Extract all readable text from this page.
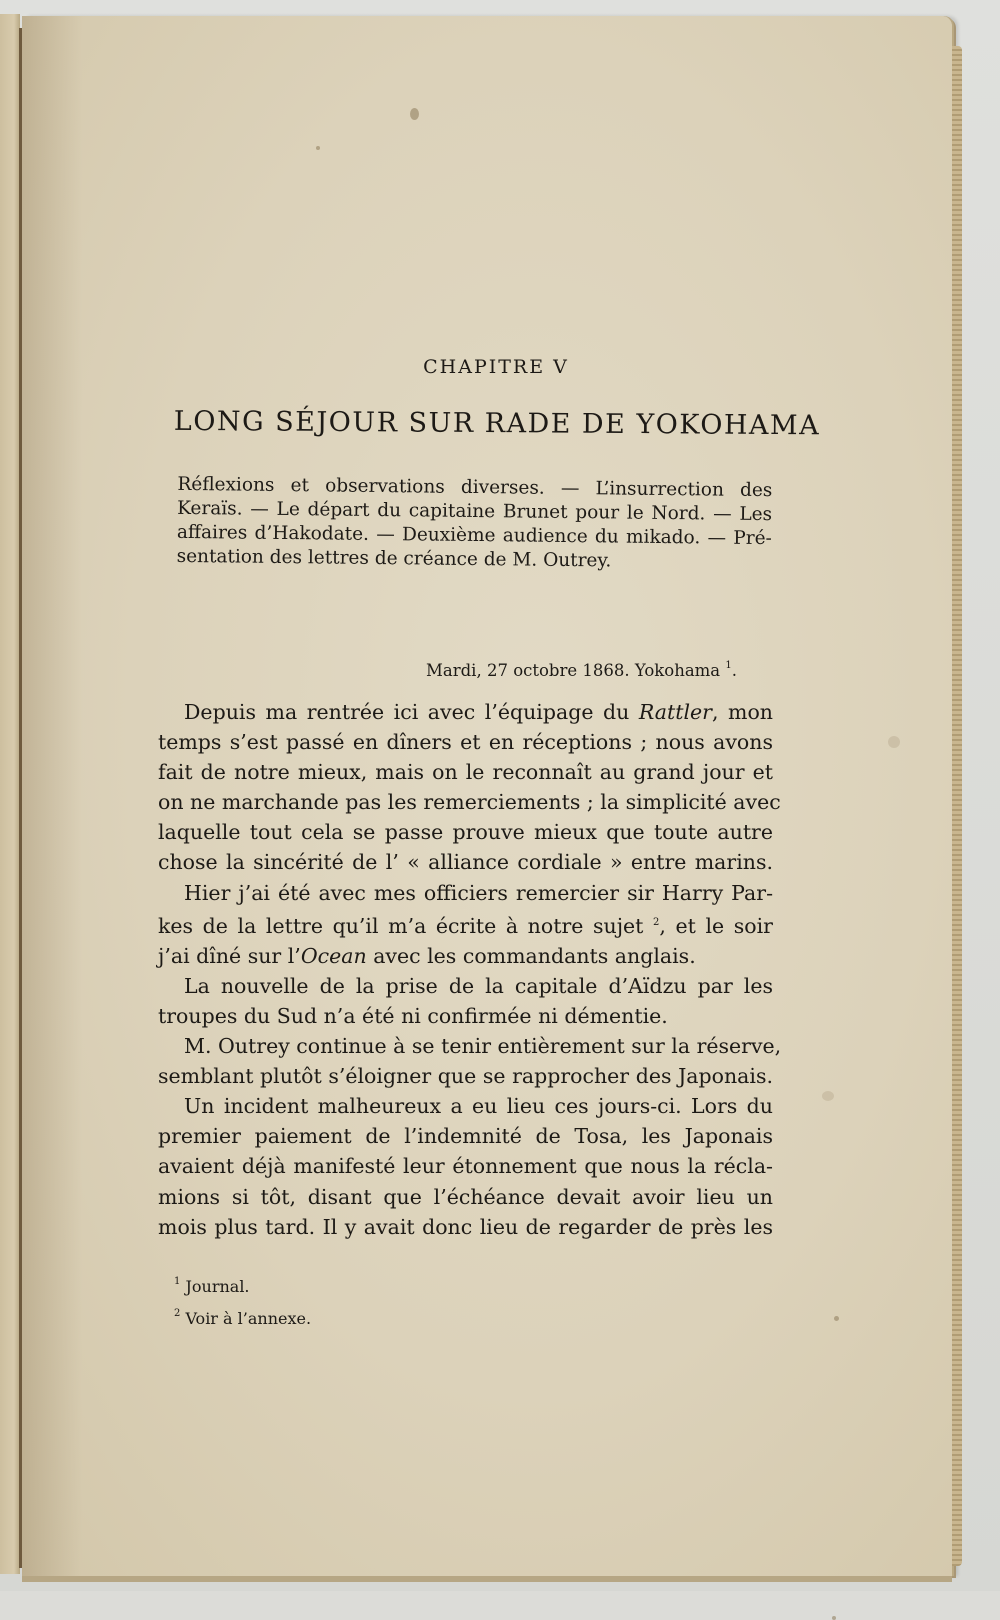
CHAPITRE V
LONG SÉJOUR SUR RADE DE YOKOHAMA
Réflexions et observations diverses. — L’insurrection des
Keraïs. — Le départ du capitaine Brunet pour le Nord. — Les
affaires d’Hakodate. — Deuxième audience du mikado. — Pré-
sentation des lettres de créance de M. Outrey.
Mardi, 27 octobre 1868. Yokohama $^1$.
Depuis ma rentrée ici avec l’équipage du Rattler, mon
temps s’est passé en dîners et en réceptions ; nous avons
fait de notre mieux, mais on le reconnaît au grand jour et
on ne marchande pas les remerciements ; la simplicité avec
laquelle tout cela se passe prouve mieux que toute autre
chose la sincérité de l’ « alliance cordiale » entre marins.
Hier j’ai été avec mes officiers remercier sir Harry Par-
kes de la lettre qu’il m’a écrite à notre sujet $^2$, et le soir
j’ai dîné sur l’Ocean avec les commandants anglais.
La nouvelle de la prise de la capitale d’Aïdzu par les
troupes du Sud n’a été ni confirmée ni démentie.
M. Outrey continue à se tenir entièrement sur la réserve,
semblant plutôt s’éloigner que se rapprocher des Japonais.
Un incident malheureux a eu lieu ces jours-ci. Lors du
premier paiement de l’indemnité de Tosa, les Japonais
avaient déjà manifesté leur étonnement que nous la récla-
mions si tôt, disant que l’échéance devait avoir lieu un
mois plus tard. Il y avait donc lieu de regarder de près les
$^1$ Journal.
$^2$ Voir à l’annexe.
